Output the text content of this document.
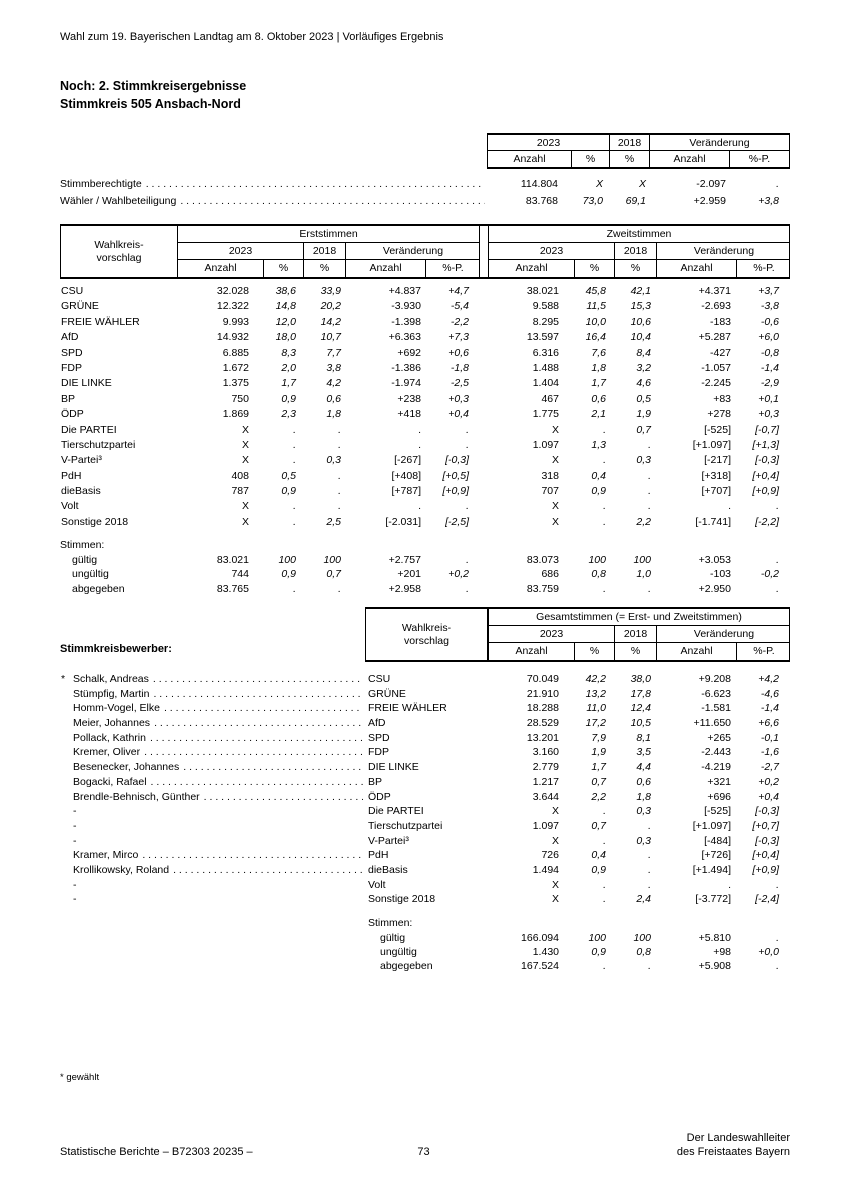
Wahl zum 19. Bayerischen Landtag am 8. Oktober 2023 | Vorläufiges Ergebnis
Noch: 2. Stimmkreisergebnisse
Stimmkreis 505 Ansbach-Nord
2023	2018	Veränderung
Anzahl	%	%	Anzahl	%-P.
Stimmberechtigte . . .	114.804	X	X	-2.097	.
Wähler / Wahlbeteiligung . . .	83.768	73,0	69,1	+2.959	+3,8
Wahlkreis-
vorschlag
Erststimmen
2023	2018	Veränderung
Anzahl	%	%	Anzahl	%-P.
Zweitstimmen
2023	2018	Veränderung
Anzahl	%	%	Anzahl	%-P.
CSU	32.028	38,6	33,9	+4.837	+4,7	38.021	45,8	42,1	+4.371	+3,7
GRÜNE	12.322	14,8	20,2	-3.930	-5,4	9.588	11,5	15,3	-2.693	-3,8
FREIE WÄHLER	9.993	12,0	14,2	-1.398	-2,2	8.295	10,0	10,6	-183	-0,6
AfD	14.932	18,0	10,7	+6.363	+7,3	13.597	16,4	10,4	+5.287	+6,0
SPD	6.885	8,3	7,7	+692	+0,6	6.316	7,6	8,4	-427	-0,8
FDP	1.672	2,0	3,8	-1.386	-1,8	1.488	1,8	3,2	-1.057	-1,4
DIE LINKE	1.375	1,7	4,2	-1.974	-2,5	1.404	1,7	4,6	-2.245	-2,9
BP	750	0,9	0,6	+238	+0,3	467	0,6	0,5	+83	+0,1
ÖDP	1.869	2,3	1,8	+418	+0,4	1.775	2,1	1,9	+278	+0,3
Die PARTEI	X	.	.	.	.	X	.	0,7	[-525]	[-0,7]
Tierschutzpartei	X	.	.	.	.	1.097	1,3	.	[+1.097]	[+1,3]
V-Partei³	X	.	0,3	[-267]	[-0,3]	X	.	0,3	[-217]	[-0,3]
PdH	408	0,5	.	[+408]	[+0,5]	318	0,4	.	[+318]	[+0,4]
dieBasis	787	0,9	.	[+787]	[+0,9]	707	0,9	.	[+707]	[+0,9]
Volt	X	.	.	.	.	X	.	.	.	.
Sonstige 2018	X	.	2,5	[-2.031]	[-2,5]	X	.	2,2	[-1.741]	[-2,2]
Stimmen:
gültig	83.021	100	100	+2.757	.	83.073	100	100	+3.053	.
ungültig	744	0,9	0,7	+201	+0,2	686	0,8	1,0	-103	-0,2
abgegeben	83.765	.	.	+2.958	.	83.759	.	.	+2.950	.
Stimmkreisbewerber:
Wahlkreis-
vorschlag
Gesamtstimmen (= Erst- und Zweitstimmen)
2023	2018	Veränderung
Anzahl	%	%	Anzahl	%-P.
* Schalk, Andreas . . .	CSU	70.049	42,2	38,0	+9.208	+4,2
Stümpfig, Martin . . .	GRÜNE	21.910	13,2	17,8	-6.623	-4,6
Homm-Vogel, Elke . . .	FREIE WÄHLER	18.288	11,0	12,4	-1.581	-1,4
Meier, Johannes . . .	AfD	28.529	17,2	10,5	+11.650	+6,6
Pollack, Kathrin . . .	SPD	13.201	7,9	8,1	+265	-0,1
Kremer, Oliver . . .	FDP	3.160	1,9	3,5	-2.443	-1,6
Besenecker, Johannes . . .	DIE LINKE	2.779	1,7	4,4	-4.219	-2,7
Bogacki, Rafael . . .	BP	1.217	0,7	0,6	+321	+0,2
Brendle-Behnisch, Günther . . .	ÖDP	3.644	2,2	1,8	+696	+0,4
-	Die PARTEI	X	.	0,3	[-525]	[-0,3]
-	Tierschutzpartei	1.097	0,7	.	[+1.097]	[+0,7]
-	V-Partei³	X	.	0,3	[-484]	[-0,3]
Kramer, Mirco . . .	PdH	726	0,4	.	[+726]	[+0,4]
Krollikowsky, Roland . . .	dieBasis	1.494	0,9	.	[+1.494]	[+0,9]
-	Volt	X	.	.	.	.
-	Sonstige 2018	X	.	2,4	[-3.772]	[-2,4]
Stimmen:
gültig	166.094	100	100	+5.810	.
ungültig	1.430	0,9	0,8	+98	+0,0
abgegeben	167.524	.	.	+5.908	.
* gewählt
Statistische Berichte – B72303 20235 –	73
Der Landeswahlleiter
des Freistaates Bayern
